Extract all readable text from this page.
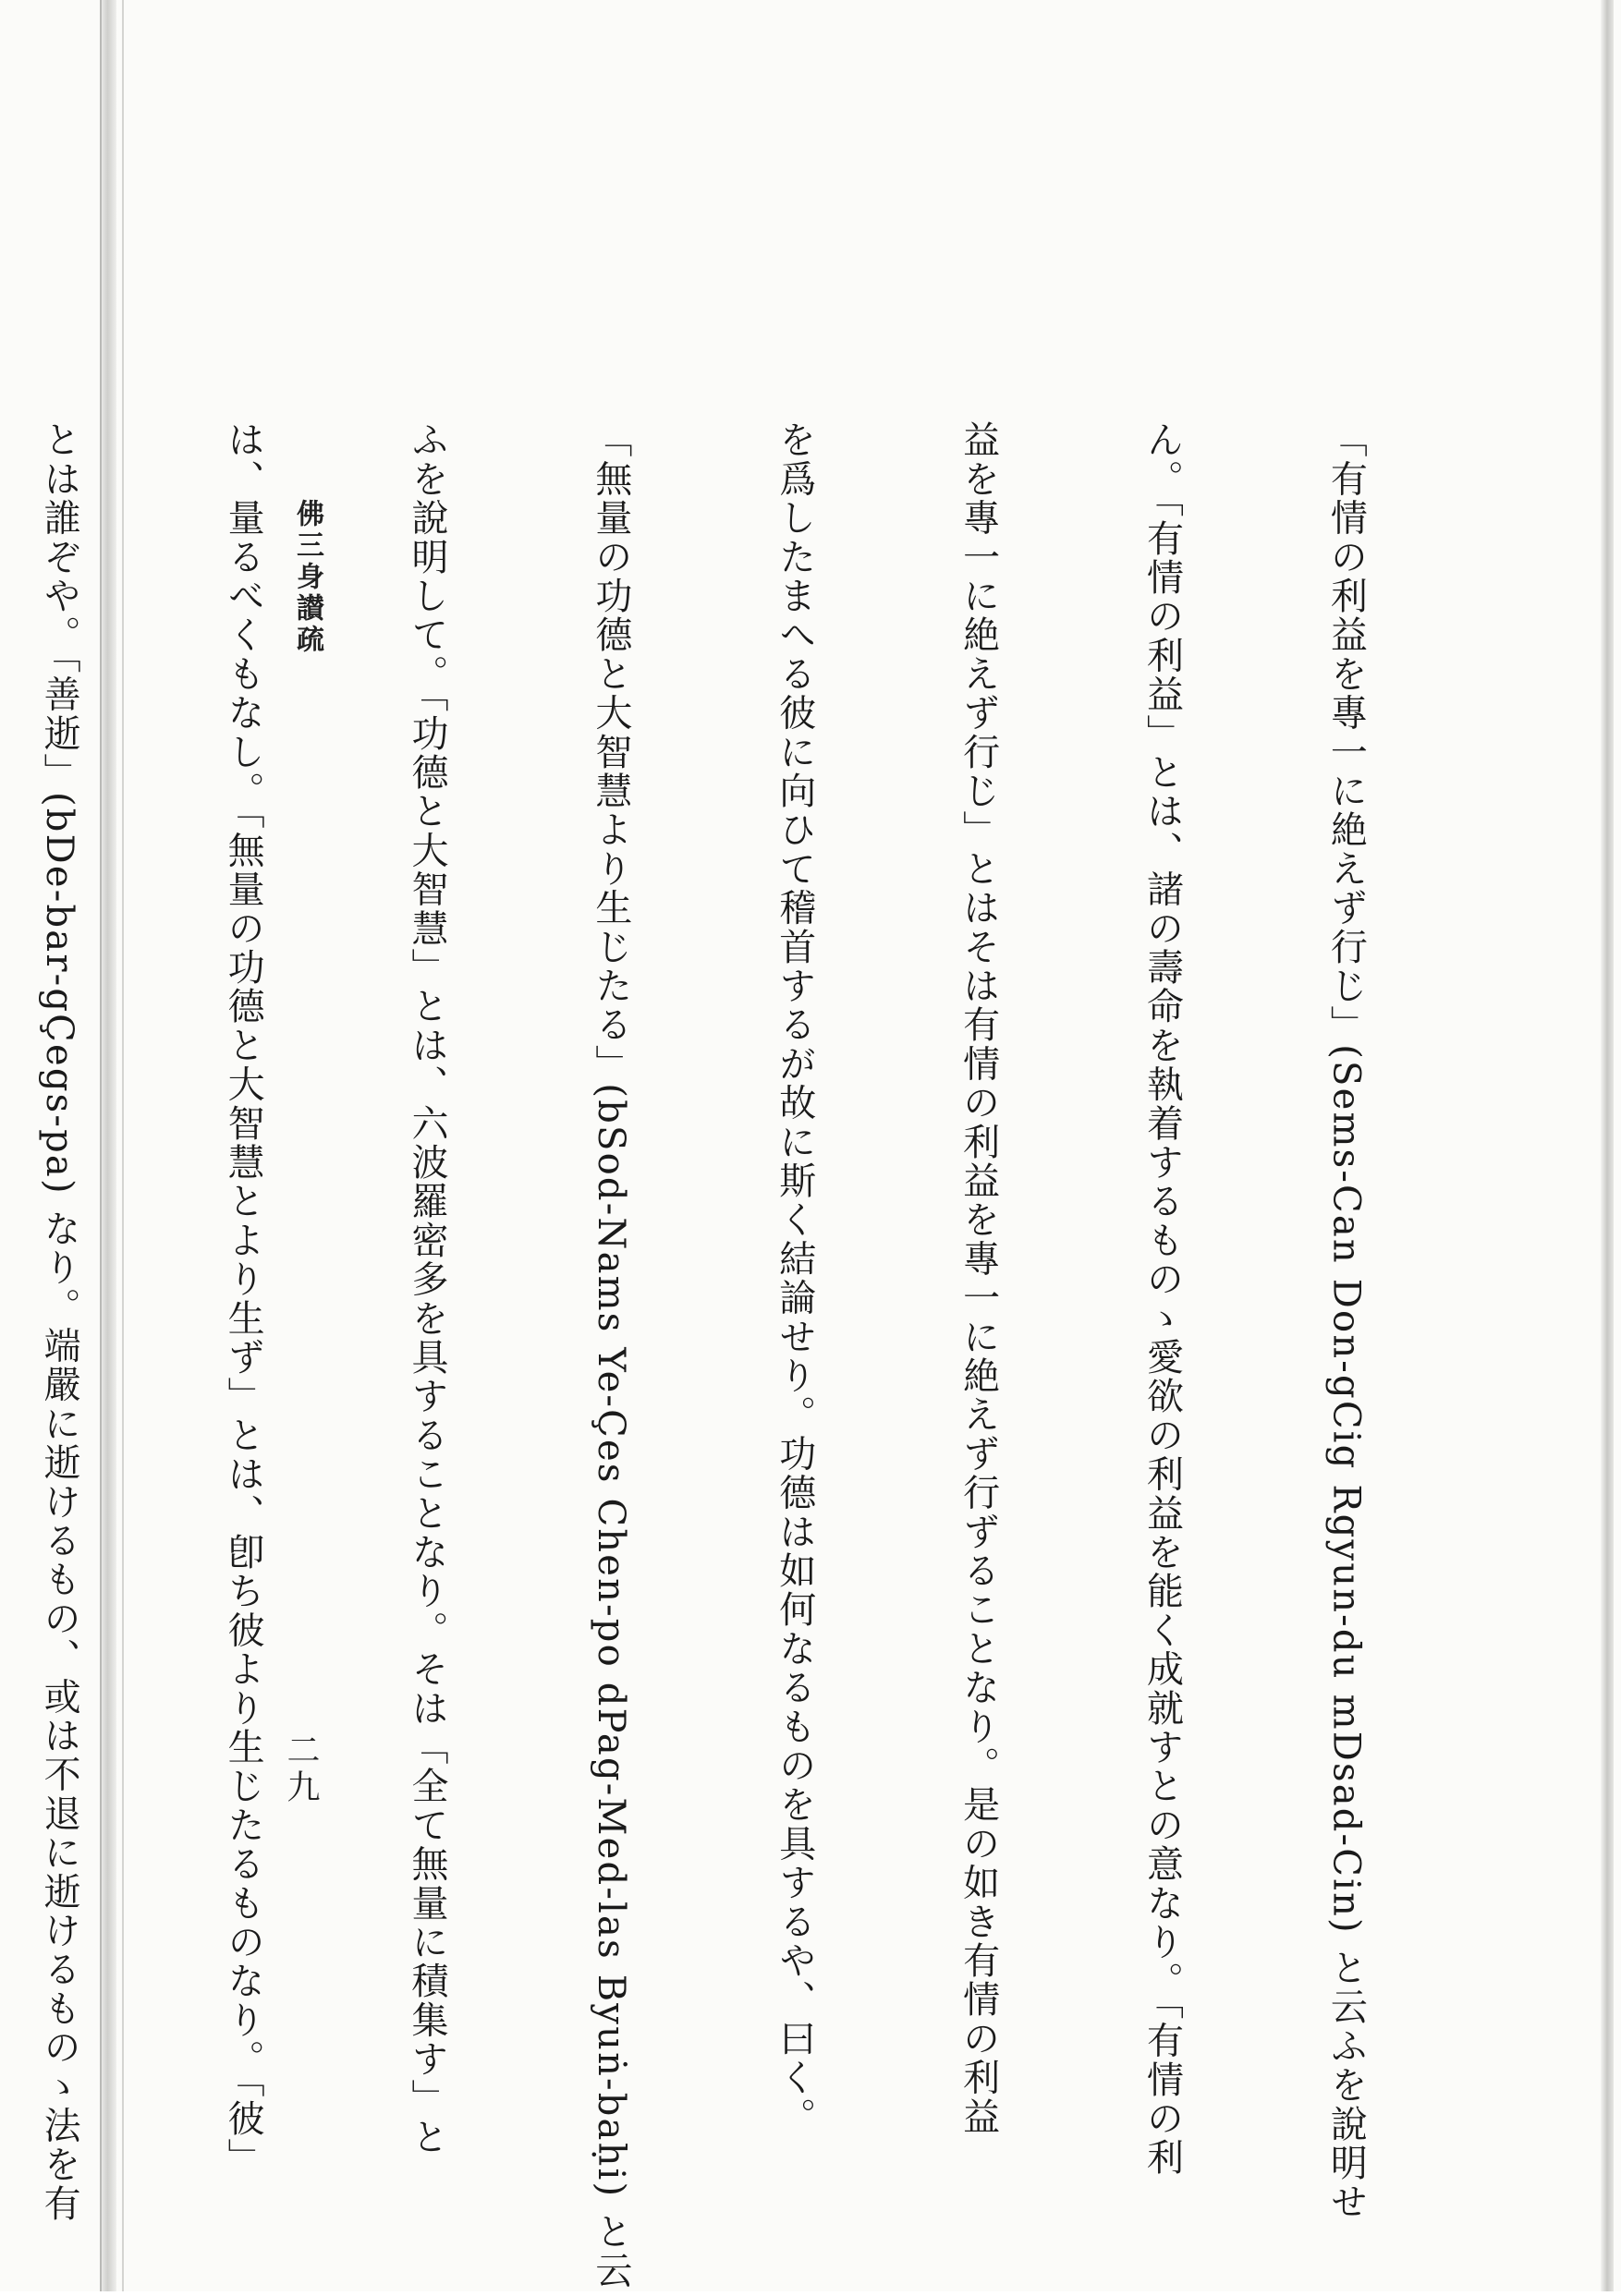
「有情の利益を專一に絶えず行じ」(Sems-Can Don-gCig Rgyun-du mDsad-Cin) と云ふを說明せ

ん。「有情の利益」とは、諸の壽命を執着するものゝ愛欲の利益を能く成就すとの意なり。「有情の利

益を專一に絶えず行じ」とはそは有情の利益を專一に絶えず行ずることなり。是の如き有情の利益

を爲したまへる彼に向ひて稽首するが故に斯く結論せり。功德は如何なるものを具するや、曰く。

「無量の功德と大智慧より生じたる」(bSod-Nams Ye-Çes Chen-po dPag-Med-las Byuṅ-baḥi) と云

ふを說明して。「功德と大智慧」とは、六波羅密多を具することなり。そは「全て無量に積集す」と

は、量るべくもなし。「無量の功德と大智慧とより生ず」とは、卽ち彼より生じたるものなり。「彼」

とは誰ぞや。「善逝」(bDe-bar-gÇegs-pa) なり。端嚴に逝けるもの、或は不退に逝けるものゝ法を有

	佛三身讃疏
二九
